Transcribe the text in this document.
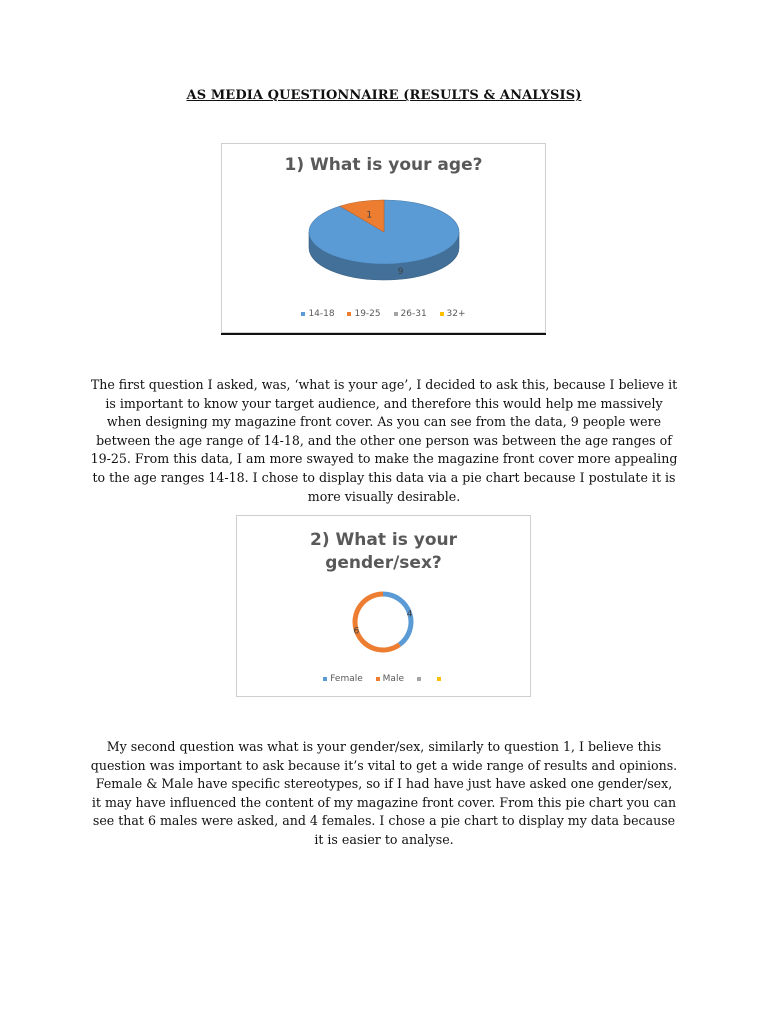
AS MEDIA QUESTIONNAIRE (RESULTS & ANALYSIS)
1) What is your age?
9
1
14-18 19-25 26-31 32+
The first question I asked, was, ‘what is your age’, I decided to ask this, because I believe it is important to know your target audience, and therefore this would help me massively when designing my magazine front cover. As you can see from the data, 9 people were between the age range of 14-18, and the other one person was between the age ranges of 19-25. From this data, I am more swayed to make the magazine front cover more appealing to the age ranges 14-18. I chose to display this data via a pie chart because I postulate it is more visually desirable.
2) What is your gender/sex?
4
6
Female Male
My second question was what is your gender/sex, similarly to question 1, I believe this question was important to ask because it’s vital to get a wide range of results and opinions. Female & Male have specific stereotypes, so if I had have just have asked one gender/sex, it may have influenced the content of my magazine front cover. From this pie chart you can see that 6 males were asked, and 4 females. I chose a pie chart to display my data because it is easier to analyse.
